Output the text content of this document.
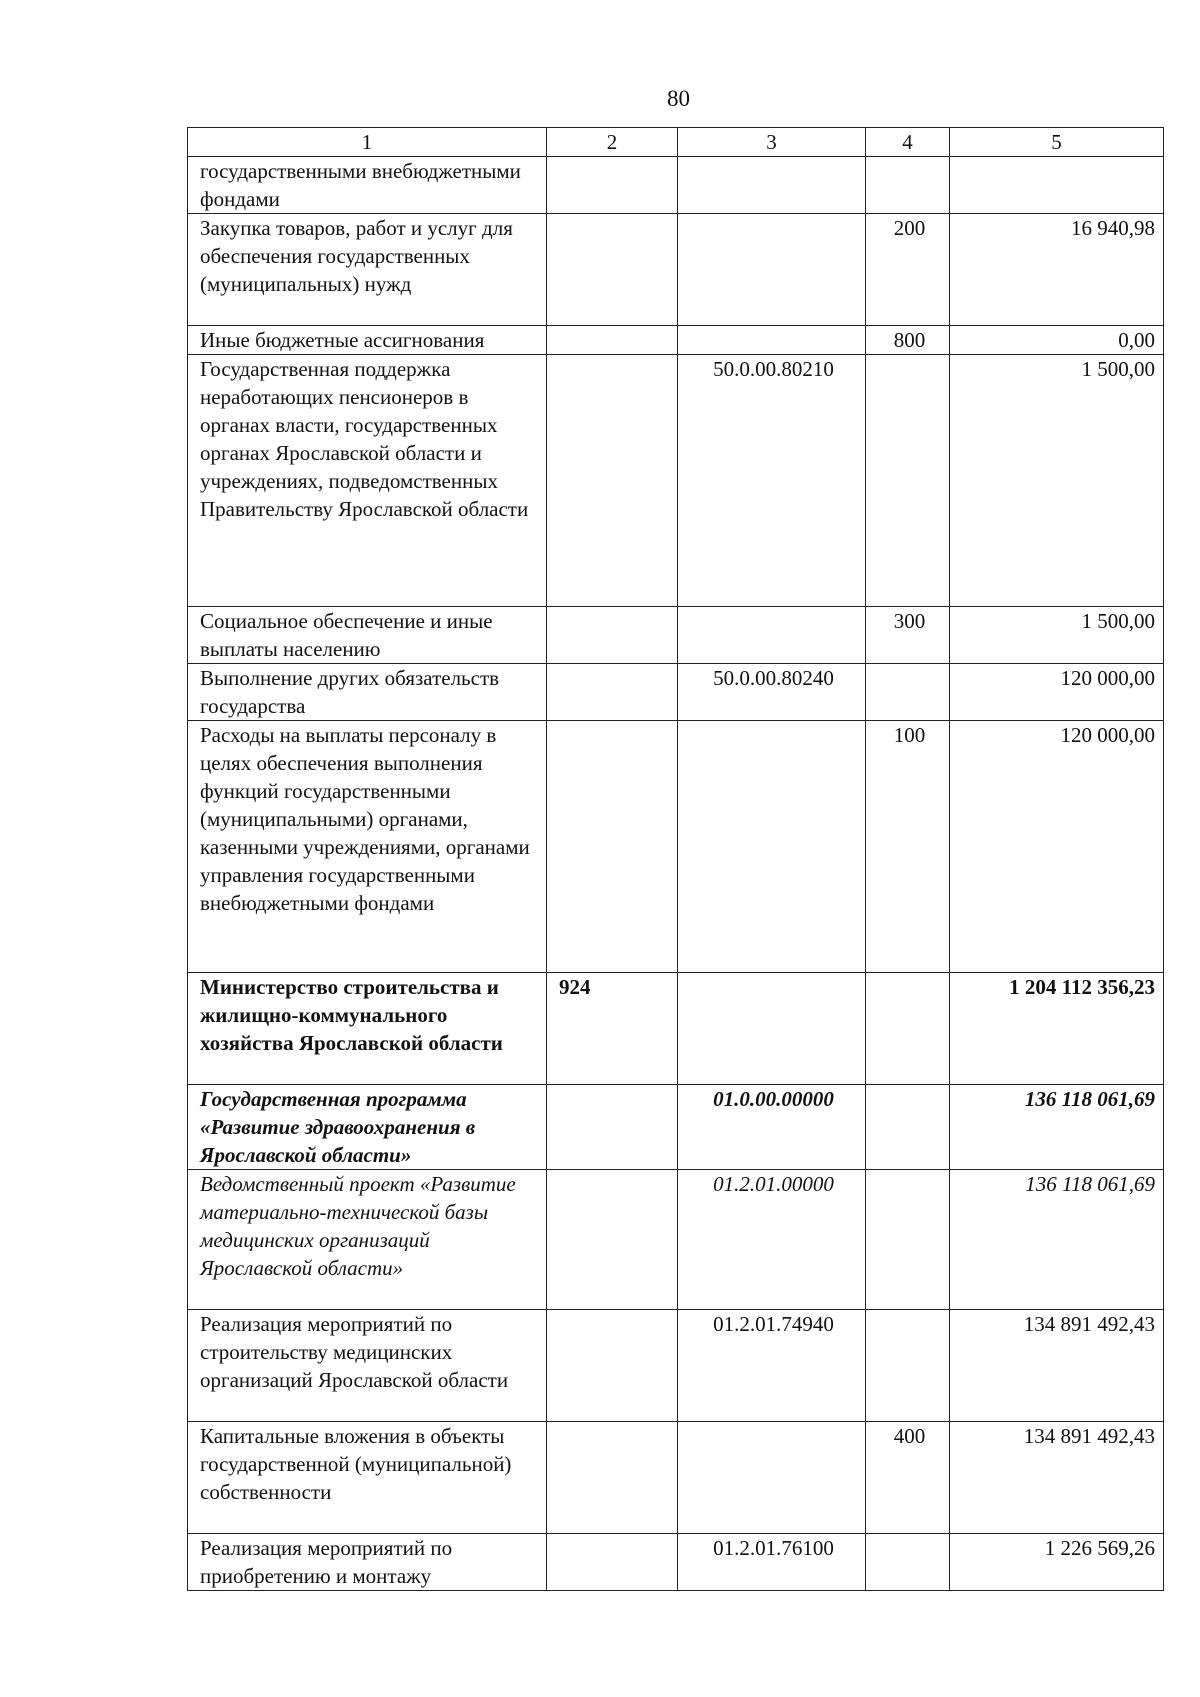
80
1	2	3	4	5
государственными внебюджетными фондами				
Закупка товаров, работ и услуг для обеспечения государственных (муниципальных) нужд			200	16 940,98
Иные бюджетные ассигнования			800	0,00
Государственная поддержка неработающих пенсионеров в органах власти, государственных органах Ярославской области и учреждениях, подведомственных Правительству Ярославской области		50.0.00.80210		1 500,00
Социальное обеспечение и иные выплаты населению			300	1 500,00
Выполнение других обязательств государства		50.0.00.80240		120 000,00
Расходы на выплаты персоналу в целях обеспечения выполнения функций государственными (муниципальными) органами, казенными учреждениями, органами управления государственными внебюджетными фондами			100	120 000,00
Министерство строительства и жилищно-коммунального хозяйства Ярославской области	924			1 204 112 356,23
Государственная программа «Развитие здравоохранения в Ярославской области»		01.0.00.00000		136 118 061,69
Ведомственный проект «Развитие материально-технической базы медицинских организаций Ярославской области»		01.2.01.00000		136 118 061,69
Реализация мероприятий по строительству медицинских организаций Ярославской области		01.2.01.74940		134 891 492,43
Капитальные вложения в объекты государственной (муниципальной) собственности			400	134 891 492,43
Реализация мероприятий по приобретению и монтажу		01.2.01.76100		1 226 569,26
